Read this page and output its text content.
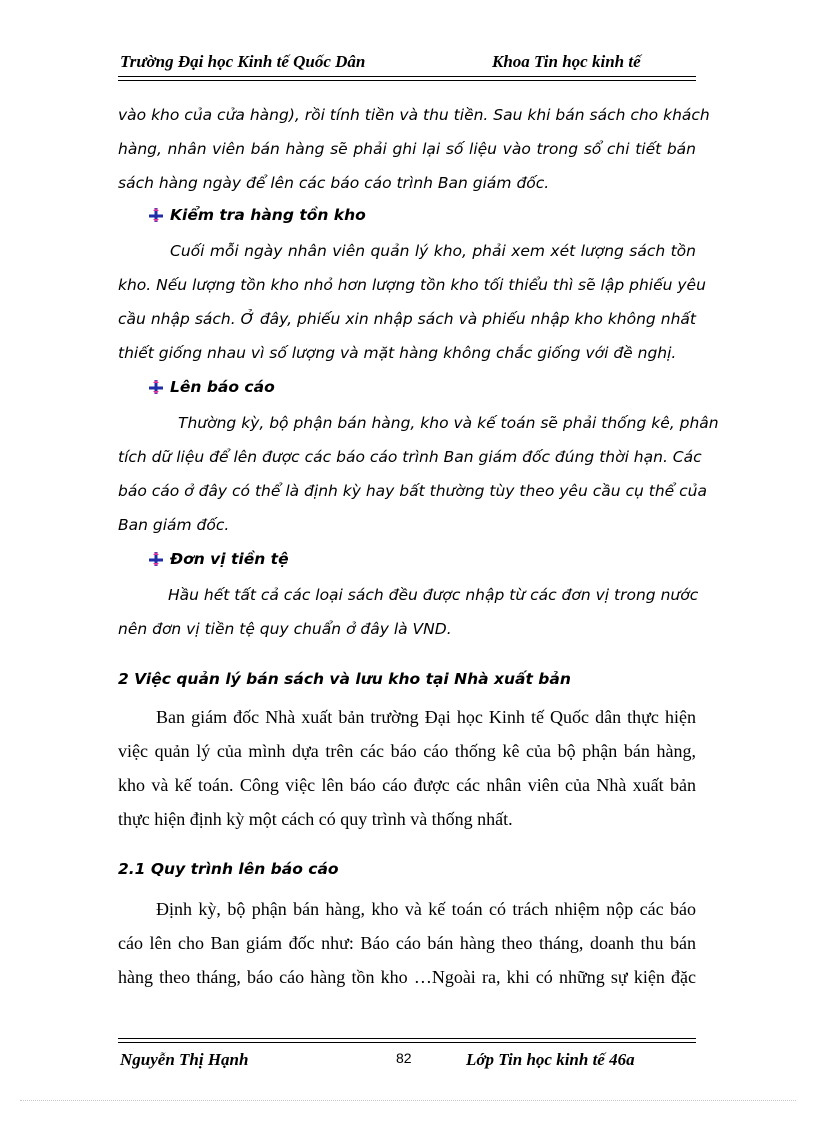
Trường Đại học Kinh tế Quốc Dân	Khoa Tin học kinh tế
vào kho của cửa hàng), rồi tính tiền và thu tiền. Sau khi bán sách cho khách
hàng, nhân viên bán hàng sẽ phải ghi lại số liệu vào trong sổ chi tiết bán
sách hàng ngày để lên các báo cáo trình Ban giám đốc.
Kiểm tra hàng tồn kho
Cuối mỗi ngày nhân viên quản lý kho, phải xem xét lượng sách tồn
kho. Nếu lượng tồn kho nhỏ hơn lượng tồn kho tối thiểu thì sẽ lập phiếu yêu
cầu nhập sách. Ở đây, phiếu xin nhập sách và phiếu nhập kho không nhất
thiết giống nhau vì số lượng và mặt hàng không chắc giống với đề nghị.
Lên báo cáo
Thường kỳ, bộ phận bán hàng, kho và kế toán sẽ phải thống kê, phân
tích dữ liệu để lên được các báo cáo trình Ban giám đốc đúng thời hạn. Các
báo cáo ở đây có thể là định kỳ hay bất thường tùy theo yêu cầu cụ thể của
Ban giám đốc.
Đơn vị tiền tệ
Hầu hết tất cả các loại sách đều được nhập từ các đơn vị trong nước
nên đơn vị tiền tệ quy chuẩn ở đây là VND.
2 Việc quản lý bán sách và lưu kho tại Nhà xuất bản
Ban giám đốc Nhà xuất bản trường Đại học Kinh tế Quốc dân thực hiện
việc quản lý của mình dựa trên các báo cáo thống kê của bộ phận bán hàng,
kho và kế toán. Công việc lên báo cáo được các nhân viên của Nhà xuất bản
thực hiện định kỳ một cách có quy trình và thống nhất.
2.1 Quy trình lên báo cáo
Định kỳ, bộ phận bán hàng, kho và kế toán có trách nhiệm nộp các báo
cáo lên cho Ban giám đốc như: Báo cáo bán hàng theo tháng, doanh thu bán
hàng theo tháng, báo cáo hàng tồn kho …Ngoài ra, khi có những sự kiện đặc
Nguyễn Thị Hạnh	82	Lớp Tin học kinh tế 46a
